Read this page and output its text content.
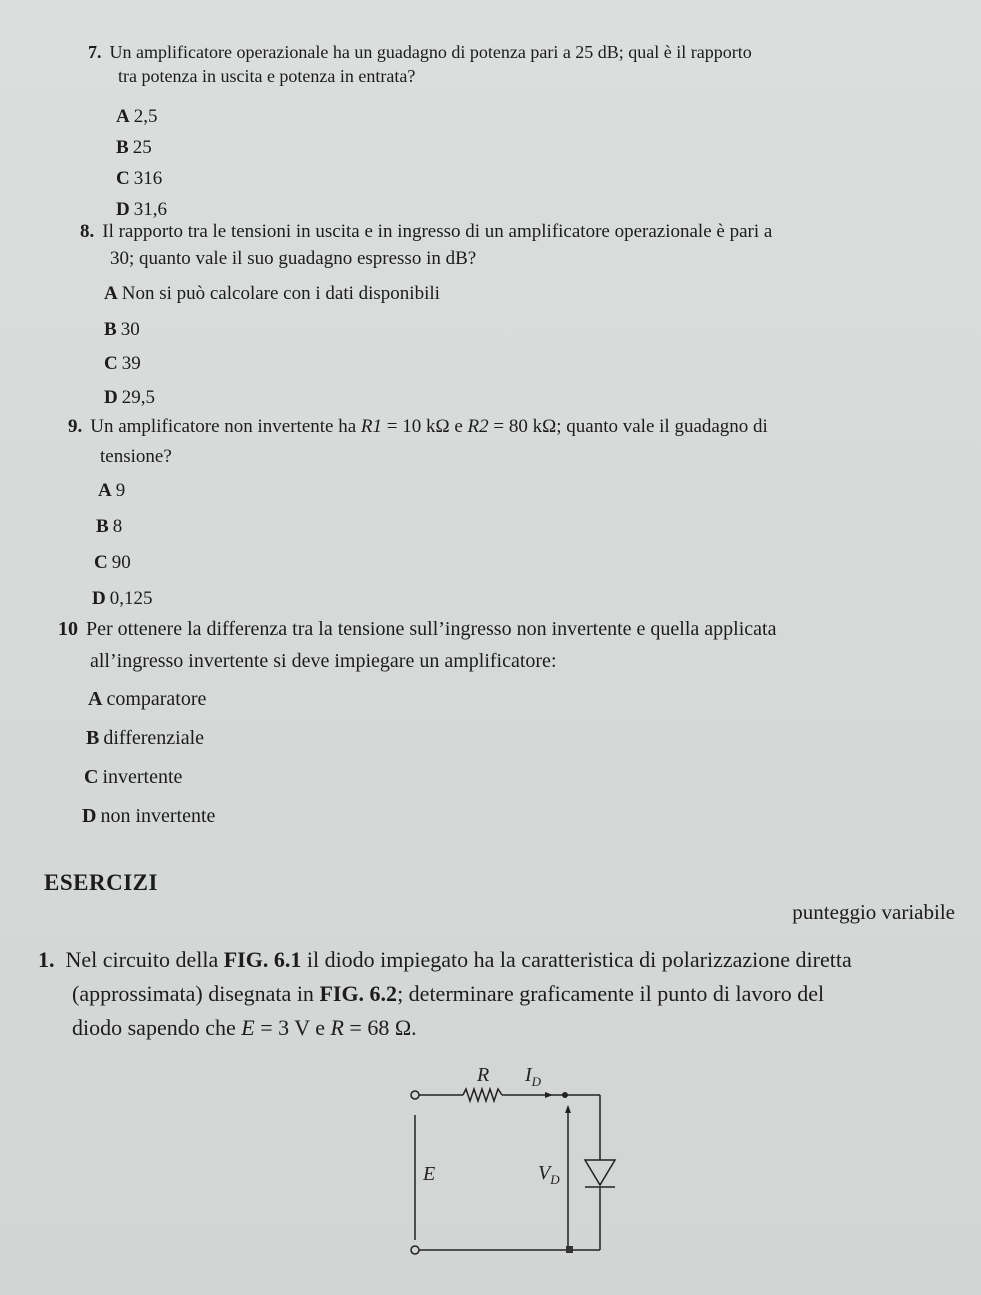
7. Un amplificatore operazionale ha un guadagno di potenza pari a 25 dB; qual è il rapporto
tra potenza in uscita e potenza in entrata?
A 2,5
B 25
C 316
D 31,6
8. Il rapporto tra le tensioni in uscita e in ingresso di un amplificatore operazionale è pari a
30; quanto vale il suo guadagno espresso in dB?
A Non si può calcolare con i dati disponibili
B 30
C 39
D 29,5
9. Un amplificatore non invertente ha R1 = 10 kΩ e R2 = 80 kΩ; quanto vale il guadagno di
tensione?
A 9
B 8
C 90
D 0,125
10 Per ottenere la differenza tra la tensione sull’ingresso non invertente e quella applicata
all’ingresso invertente si deve impiegare un amplificatore:
A comparatore
B differenziale
C invertente
D non invertente
ESERCIZI
punteggio variabile
1. Nel circuito della FIG. 6.1 il diodo impiegato ha la caratteristica di polarizzazione diretta
(approssimata) disegnata in FIG. 6.2; determinare graficamente il punto di lavoro del
diodo sapendo che E = 3 V e R = 68 Ω.
R $I_D$
E	$V_D$
